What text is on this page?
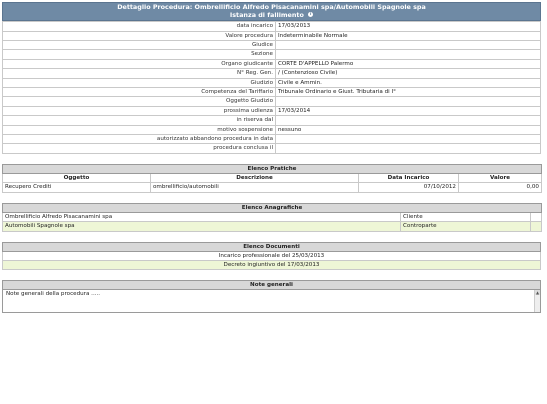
Dettaglio Procedura: Ombrellificio Alfredo Pisacanamini spa/Automobili Spagnole spa
Istanza di fallimento i
data incarico	17/03/2013
Valore procedura	Indeterminabile Normale
Giudice	
Sezione	
Organo giudicante	CORTE D'APPELLO Palermo
N° Reg. Gen.	/ (Contenzioso Civile)
Giudizio	Civile e Ammin.
Competenza del Tariffario	Tribunale Ordinario e Giust. Tributaria di I°
Oggetto Giudizio	
prossima udienza	17/03/2014
in riserva dal	
motivo sospensione	nessuno
autorizzato abbandono procedura in data	
procedura conclusa il	
Elenco Pratiche			
Oggetto	Descrizione	Data Incarico	Valore
Recupero Crediti	ombrellificio/automobili	07/10/2012	0,00
Elenco Anagrafiche		
Ombrellificio Alfredo Pisacanamini spa	Cliente	
Automobili Spagnole spa	Controparte	
Elenco Documenti
Incarico professionale del 25/03/2013
Decreto ingiuntivo del 17/03/2013
Note generali
Note generali della procedura .....	▲
